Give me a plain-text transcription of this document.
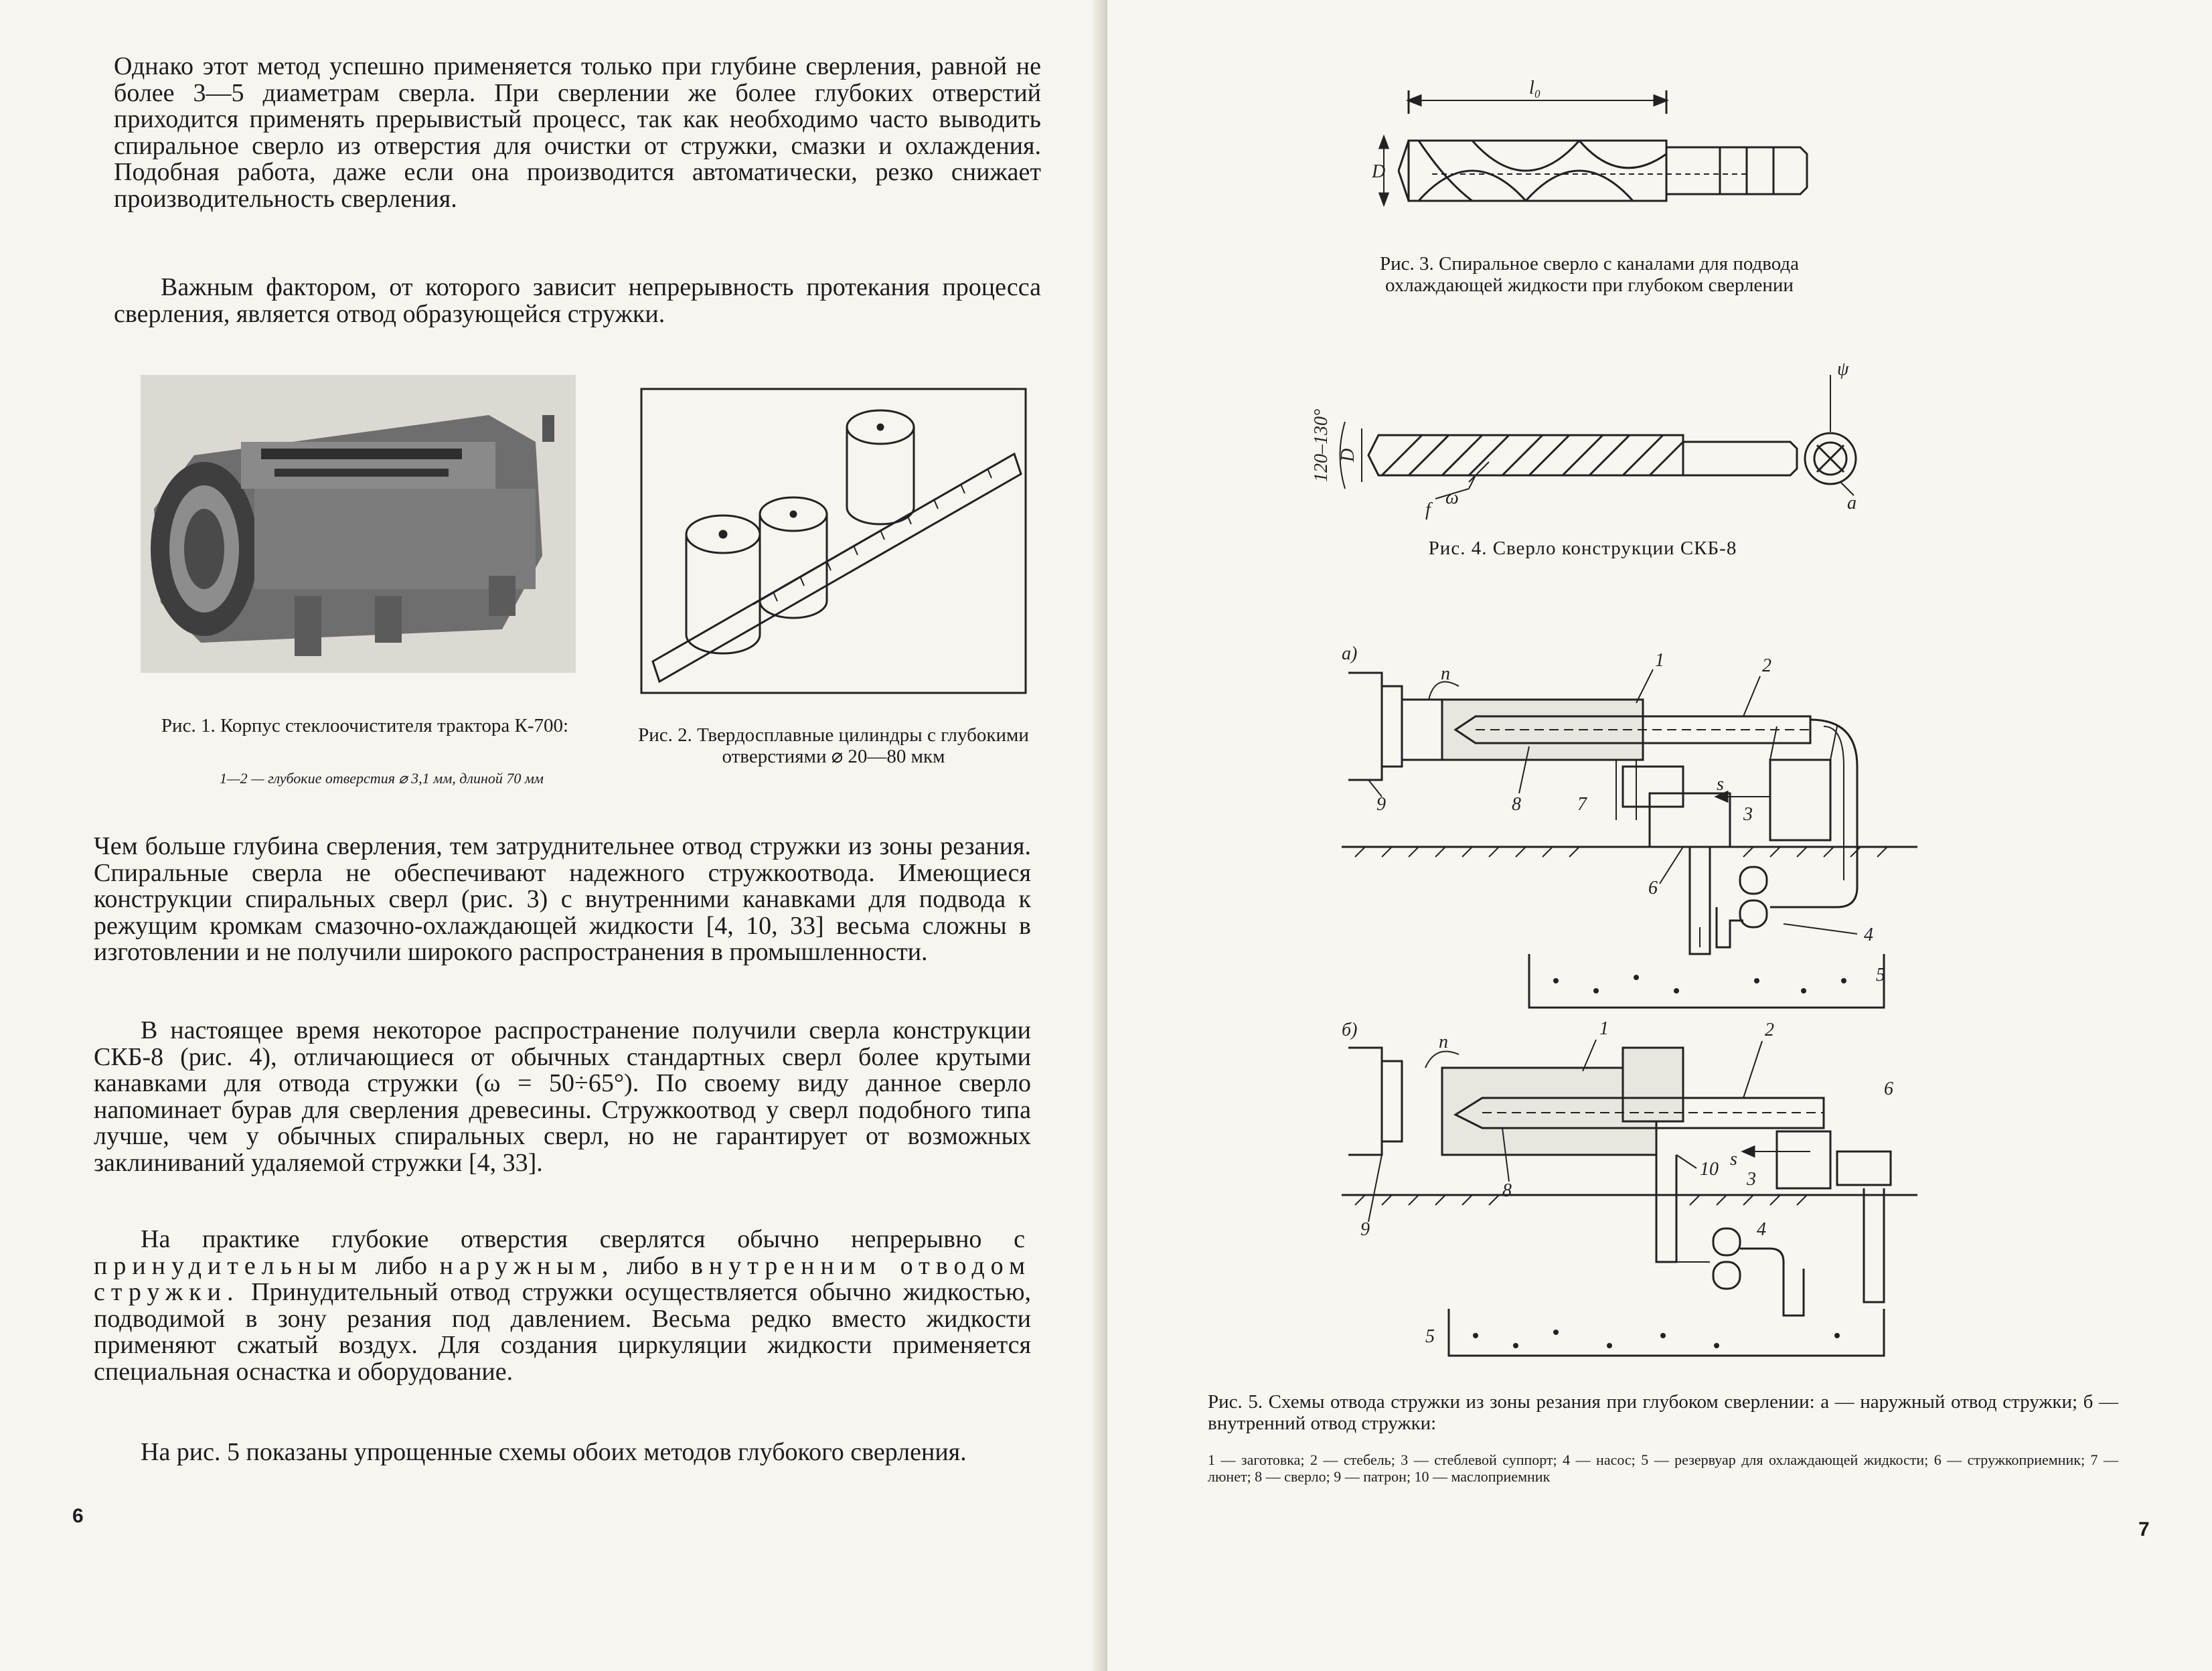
Однако этот метод успешно применяется только при глубине сверления, равной не более 3—5 диаметрам сверла. При сверлении же более глубоких отверстий приходится применять прерывистый процесс, так как необходимо часто выводить спиральное сверло из отверстия для очистки от стружки, смазки и охлаждения. Подобная работа, даже если она производится автоматически, резко снижает производительность сверления.

Важным фактором, от которого зависит непрерывность протекания процесса сверления, является отвод образующейся стружки.

Рис. 1. Корпус стеклоочистителя трактора К-700:

1—2 — глубокие отверстия ⌀ 3,1 мм, длиной 70 мм

Рис. 2. Твердосплавные цилиндры с глубокими отверстиями ⌀ 20—80 мкм

Чем больше глубина сверления, тем затруднительнее отвод стружки из зоны резания. Спиральные сверла не обеспечивают надежного стружкоотвода. Имеющиеся конструкции спиральных сверл (рис. 3) с внутренними канавками для подвода к режущим кромкам смазочно-охлаждающей жидкости [4, 10, 33] весьма сложны в изготовлении и не получили широкого распространения в промышленности.

В настоящее время некоторое распространение получили сверла конструкции СКБ-8 (рис. 4), отличающиеся от обычных стандартных сверл более крутыми канавками для отвода стружки (ω = 50÷65°). По своему виду данное сверло напоминает бурав для сверления древесины. Стружкоотвод у сверл подобного типа лучше, чем у обычных спиральных сверл, но не гарантирует от возможных заклиниваний удаляемой стружки [4, 33].

На практике глубокие отверстия сверлятся обычно непрерывно с принудительным либо наружным, либо внутренним отводом стружки. Принудительный отвод стружки осуществляется обычно жидкостью, подводимой в зону резания под давлением. Весьма редко вместо жидкости применяют сжатый воздух. Для создания циркуляции жидкости применяется специальная оснастка и оборудование.

На рис. 5 показаны упрощенные схемы обоих методов глубокого сверления.

6
l₀
D

Рис. 3. Спиральное сверло с каналами для подвода охлаждающей жидкости при глубоком сверлении

120–130° D
ψ
a
f
ω

Рис. 4. Сверло конструкции СКБ-8

а)
n
1	2
7
8
9
s
3
6
4
5
б)
n
1	2
8
10 s
3
6
9	4
5

Рис. 5. Схемы отвода стружки из зоны резания при глубоком сверлении: а — наружный отвод стружки; б — внутренний отвод стружки:

1 — заготовка; 2 — стебель; 3 — стеблевой суппорт; 4 — насос; 5 — резервуар для охлаждающей жидкости; 6 — стружкоприемник; 7 — люнет; 8 — сверло; 9 — патрон; 10 — маслоприемник

7
